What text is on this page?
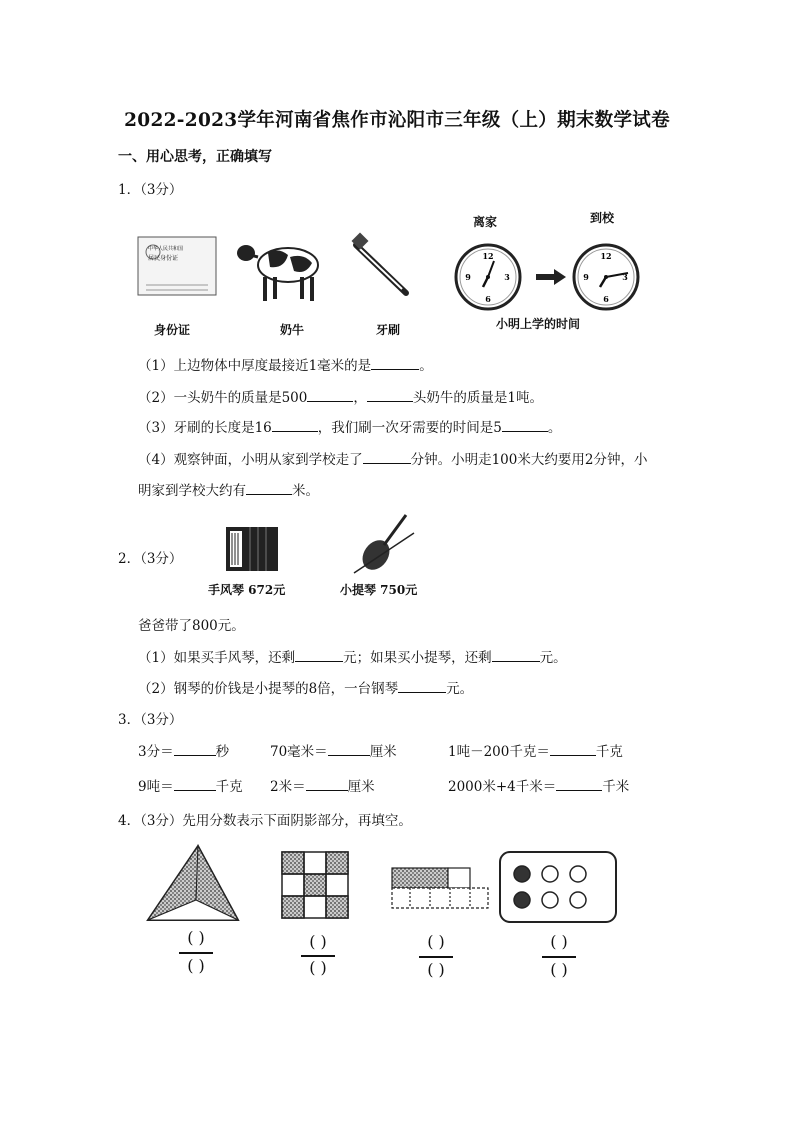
2022-2023学年河南省焦作市沁阳市三年级（上）期末数学试卷
一、用心思考，正确填写
1．（3分）
12
3
6
9
12
3
6
9
中华人民共和国
居民身份证
身份证	奶牛	牙刷
离家	到校
小明上学的时间
（1）上边物体中厚度最接近1毫米的是	。
（2）一头奶牛的质量是500	，	头奶牛的质量是1吨。
（3）牙刷的长度是16	，我们刷一次牙需要的时间是5	。
（4）观察钟面，小明从家到学校走了	分钟。小明走100米大约要用2分钟，小
明家到学校大约有	米。
2．（3分）
手风琴 672元	小提琴 750元
爸爸带了800元。
（1）如果买手风琴，还剩	元；如果买小提琴，还剩	元。
（2）钢琴的价钱是小提琴的8倍，一台钢琴	元。
3．（3分）
3分＝	秒	70毫米＝	厘米	1吨－200千克＝	千克
9吨＝	千克 2米＝	厘米	2000米+4千米＝	千米
4．（3分）先用分数表示下面阴影部分，再填空。
( )
( )
( )
( )
( )
( )
( )
( )
